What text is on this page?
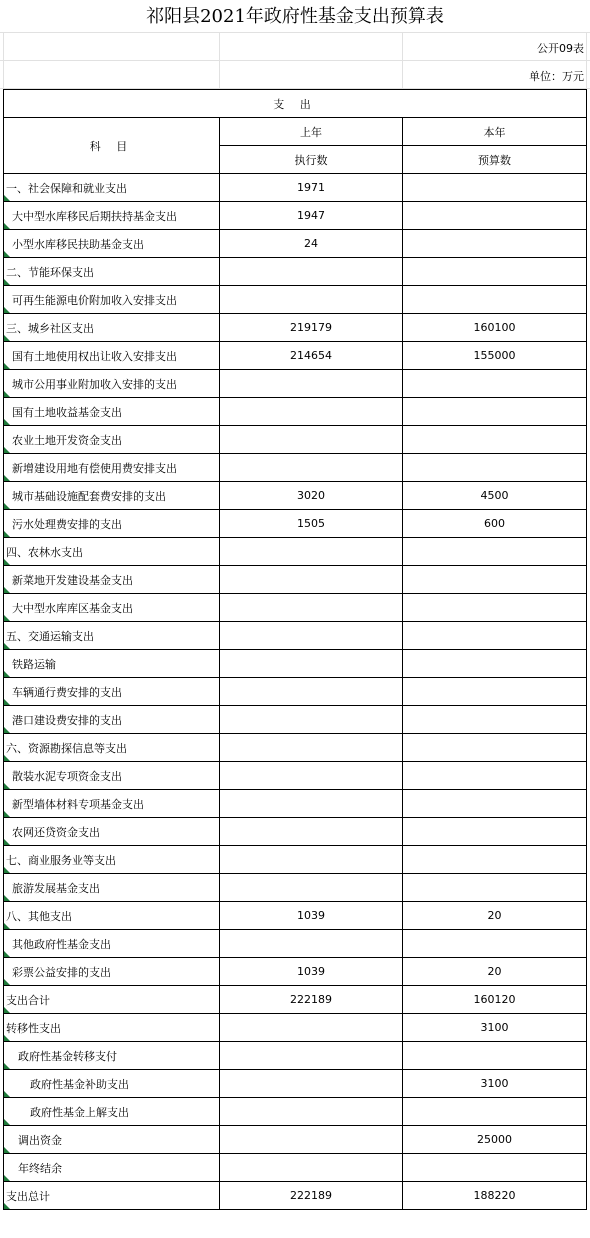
祁阳县2021年政府性基金支出预算表
公开09表
单位：万元
支 出		
科 目	上年	本年
	执行数	预算数
一、社会保障和就业支出	1971	
大中型水库移民后期扶持基金支出	1947	
小型水库移民扶助基金支出	24	
二、节能环保支出		
可再生能源电价附加收入安排支出		
三、城乡社区支出	219179	160100
国有土地使用权出让收入安排支出	214654	155000
城市公用事业附加收入安排的支出		
国有土地收益基金支出		
农业土地开发资金支出		
新增建设用地有偿使用费安排支出		
城市基础设施配套费安排的支出	3020	4500
污水处理费安排的支出	1505	600
四、农林水支出		
新菜地开发建设基金支出		
大中型水库库区基金支出		
五、交通运输支出		
铁路运输		
车辆通行费安排的支出		
港口建设费安排的支出		
六、资源勘探信息等支出		
散装水泥专项资金支出		
新型墙体材料专项基金支出		
农网还贷资金支出		
七、商业服务业等支出		
旅游发展基金支出		
八、其他支出	1039	20
其他政府性基金支出		
彩票公益安排的支出	1039	20
支出合计	222189	160120
转移性支出		3100
政府性基金转移支付		
政府性基金补助支出		3100
政府性基金上解支出		
调出资金		25000
年终结余		
支出总计	222189	188220
